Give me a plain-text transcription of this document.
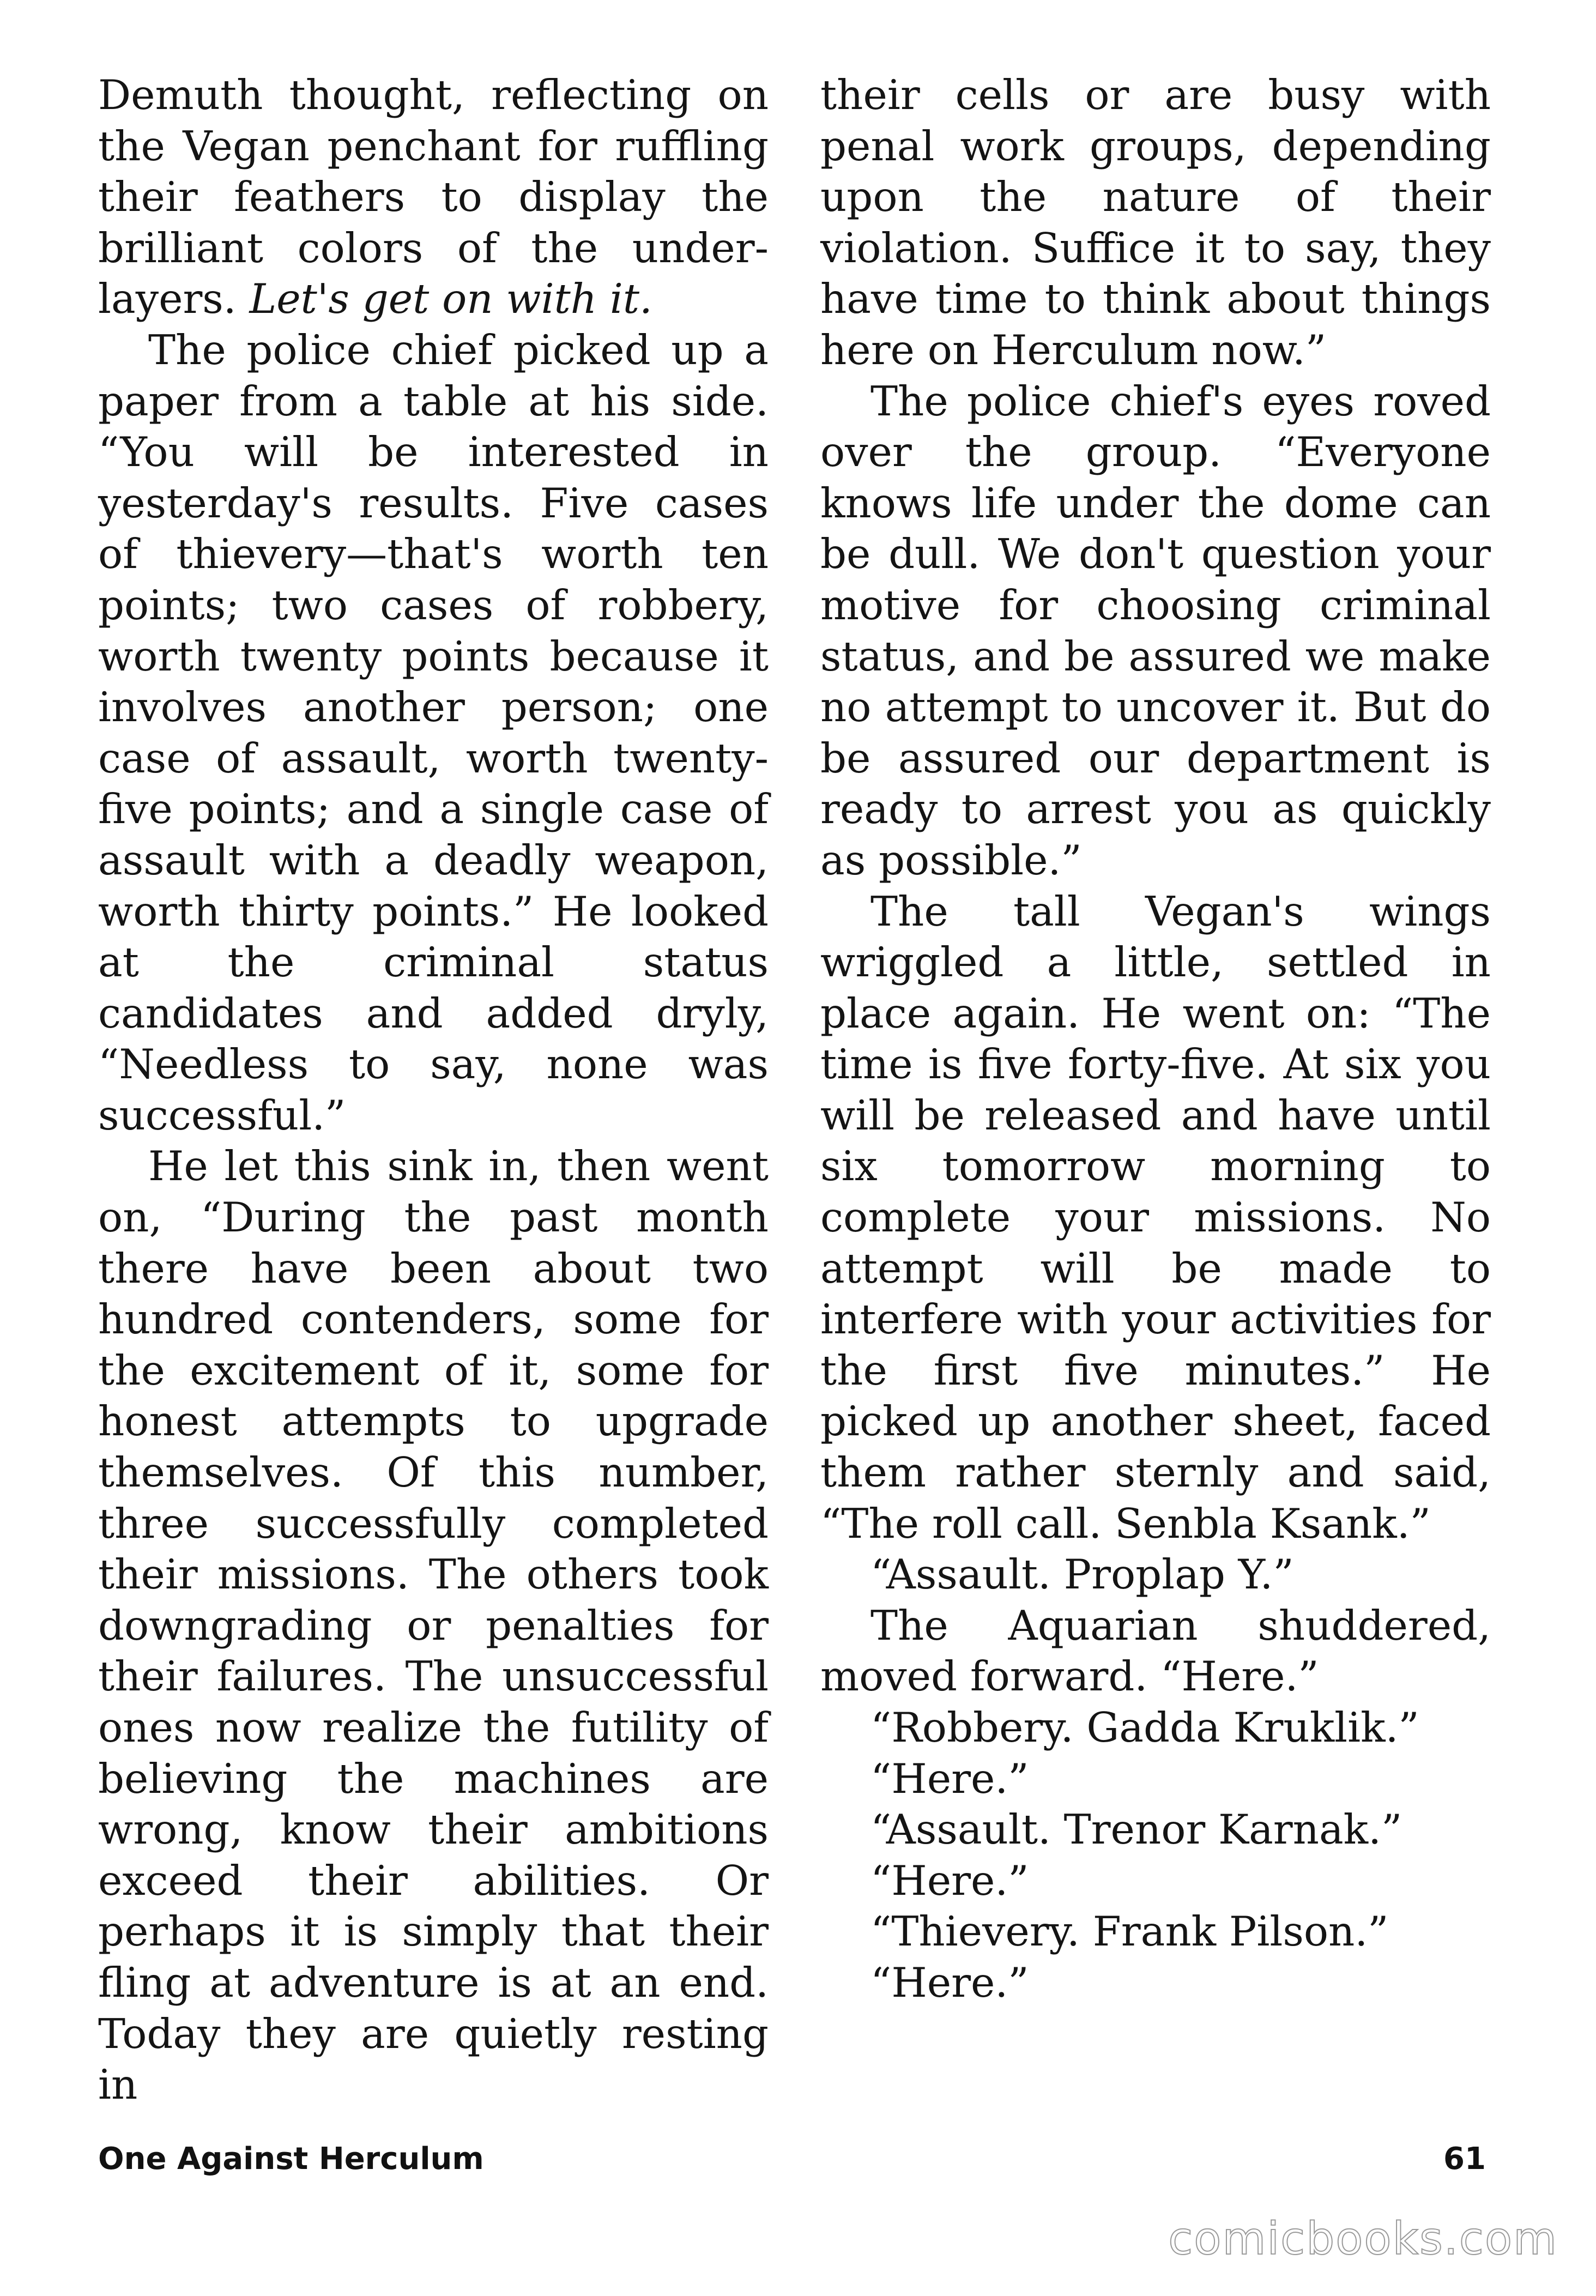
Demuth thought, reflecting on the Vegan penchant for ruffling their feathers to display the brilliant colors of the under-layers. Let's get on with it.

The police chief picked up a paper from a table at his side. “You will be interested in yesterday's results. Five cases of thievery—that's worth ten points; two cases of robbery, worth twenty points because it involves another person; one case of assault, worth twenty-five points; and a single case of assault with a deadly weapon, worth thirty points.” He looked at the criminal status candidates and added dryly, “Needless to say, none was successful.”

He let this sink in, then went on, “During the past month there have been about two hundred contenders, some for the excitement of it, some for honest attempts to upgrade themselves. Of this number, three successfully completed their missions. The others took downgrading or penalties for their failures. The unsuccessful ones now realize the futility of believing the machines are wrong, know their ambitions exceed their abilities. Or perhaps it is simply that their fling at adventure is at an end. Today they are quietly resting in

their cells or are busy with penal work groups, depending upon the nature of their violation. Suffice it to say, they have time to think about things here on Herculum now.”

The police chief's eyes roved over the group. “Everyone knows life under the dome can be dull. We don't question your motive for choosing criminal status, and be assured we make no attempt to uncover it. But do be assured our department is ready to arrest you as quickly as possible.”

The tall Vegan's wings wriggled a little, settled in place again. He went on: “The time is five forty-five. At six you will be released and have until six tomorrow morning to complete your missions. No attempt will be made to interfere with your activities for the first five minutes.” He picked up another sheet, faced them rather sternly and said, “The roll call. Senbla Ksank.”

“Assault. Proplap Y.”

The Aquarian shuddered, moved forward. “Here.”

“Robbery. Gadda Kruklik.”

“Here.”

“Assault. Trenor Karnak.”

“Here.”

“Thievery. Frank Pilson.”

“Here.”

One Against Herculum	61
comicbooks.com
